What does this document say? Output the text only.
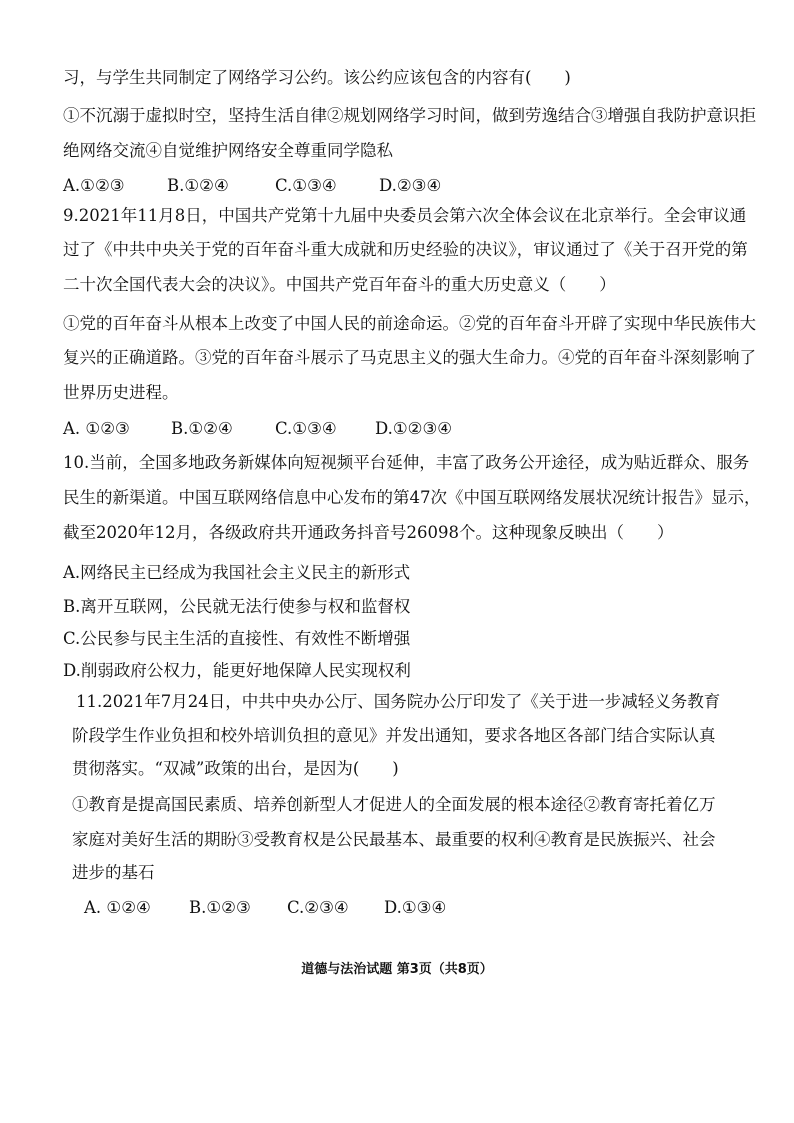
习，与学生共同制定了网络学习公约。该公约应该包含的内容有(　　)
①不沉溺于虚拟时空，坚持生活自律②规划网络学习时间，做到劳逸结合③增强自我防护意识拒
绝网络交流④自觉维护网络安全尊重同学隐私
A.①②③	B.①②④	C.①③④	D.②③④
9.2021年11月8日，中国共产党第十九届中央委员会第六次全体会议在北京举行。全会审议通
过了《中共中央关于党的百年奋斗重大成就和历史经验的决议》，审议通过了《关于召开党的第
二十次全国代表大会的决议》。中国共产党百年奋斗的重大历史意义（　　）
①党的百年奋斗从根本上改变了中国人民的前途命运。②党的百年奋斗开辟了实现中华民族伟大
复兴的正确道路。③党的百年奋斗展示了马克思主义的强大生命力。④党的百年奋斗深刻影响了
世界历史进程。
A. ①②③ B.①②④	C.①③④ D.①②③④
10.当前，全国多地政务新媒体向短视频平台延伸，丰富了政务公开途径，成为贴近群众、服务
民生的新渠道。中国互联网络信息中心发布的第47次《中国互联网络发展状况统计报告》显示，
截至2020年12月，各级政府共开通政务抖音号26098个。这种现象反映出（　　）
A.网络民主已经成为我国社会主义民主的新形式
B.离开互联网，公民就无法行使参与权和监督权
C.公民参与民主生活的直接性、有效性不断增强
D.削弱政府公权力，能更好地保障人民实现权利
11.2021年7月24日，中共中央办公厅、国务院办公厅印发了《关于进一步减轻义务教育
阶段学生作业负担和校外培训负担的意见》并发出通知，要求各地区各部门结合实际认真
贯彻落实。“双减”政策的出台，是因为(　　)
①教育是提高国民素质、培养创新型人才促进人的全面发展的根本途径②教育寄托着亿万
家庭对美好生活的期盼③受教育权是公民最基本、最重要的权利④教育是民族振兴、社会
进步的基石
A. ①②④ B.①②③ C.②③④ D.①③④
道德与法治试题 第3页（共8页）
